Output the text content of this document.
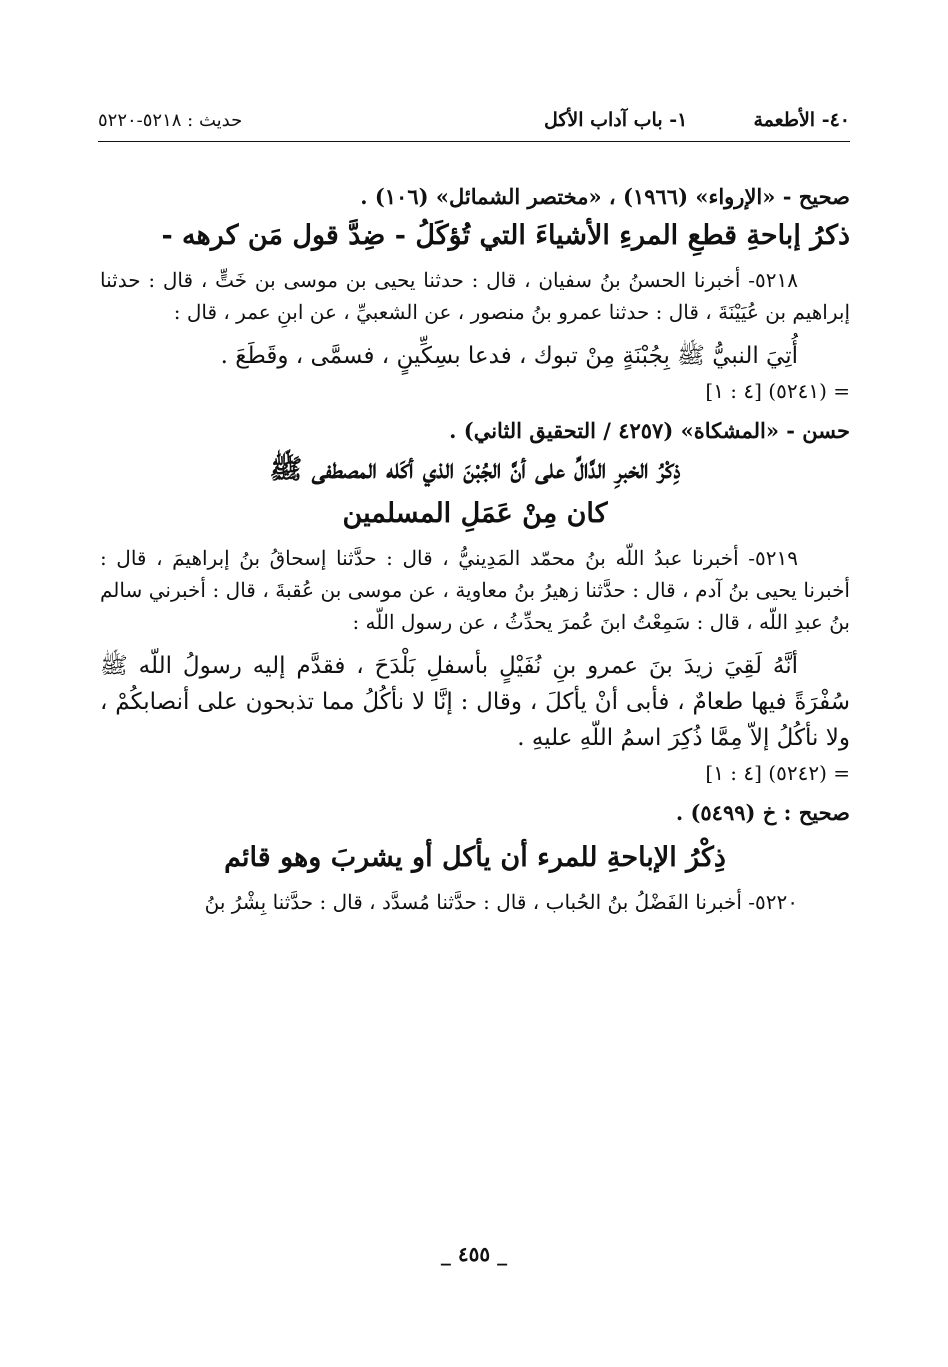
٤٠- الأطعمة          ١- باب آداب الأكل
حديث : ٥٢١٨-٥٢٢٠

صحيح - «الإرواء» (١٩٦٦) ، «مختصر الشمائل» (١٠٦) .

ذكرُ إباحةِ قطعِ المرءِ الأشياءَ التي تُؤكَلُ - ضِدَّ قول مَن كرهه -

٥٢١٨- أخبرنا الحسنُ بنُ سفيان ، قال : حدثنا يحيى بن موسى بن خَتٍّ ، قال : حدثنا إبراهيم بن عُيَيْنَةَ ، قال : حدثنا عمرو بنُ منصور ، عن الشعبيِّ ، عن ابنِ عمر ، قال :

أُتِيَ النبيُّ ﷺ بِجُبْنَةٍ مِنْ تبوك ، فدعا بسِكِّينٍ ، فسمَّى ، وقَطَعَ .

= (٥٢٤١) [٤ : ١]

حسن - «المشكاة» (٤٢٥٧ / التحقيق الثاني) .

ذِكْرُ الخبرِ الدَّالِّ على أنَّ الجُبْنَ الذي أكَله المصطفى ﷺ

كان مِنْ عَمَلِ المسلمين

٥٢١٩- أخبرنا عبدُ اللّه بنُ محمّد المَدِينيُّ ، قال : حدَّثنا إسحاقُ بنُ إبراهيمَ ، قال : أخبرنا يحيى بنُ آدم ، قال : حدَّثنا زهيرُ بنُ معاوية ، عن موسى بن عُقبةَ ، قال : أخبرني سالم بنُ عبدِ اللّه ، قال : سَمِعْتُ ابنَ عُمرَ يحدِّثُ ، عن رسول اللّه :

أنَّهُ لَقِيَ زيدَ بنَ عمرو بنِ نُفَيْلٍ بأسفلِ بَلْدَحَ ، فقدَّم إليه رسولُ اللّه ﷺ سُفْرَةً فيها طعامٌ ، فأبى أنْ يأكلَ ، وقال : إنَّا لا نأكُلُ مما تذبحون على أنصابكُمْ ، ولا نأكُلُ إلاّ مِمَّا ذُكِرَ اسمُ اللّهِ عليهِ .

= (٥٢٤٢) [٤ : ١]

صحيح : خ (٥٤٩٩) .

ذِكْرُ الإباحةِ للمرء أن يأكل أو يشربَ وهو قائم

٥٢٢٠- أخبرنا الفَضْلُ بنُ الحُباب ، قال : حدَّثنا مُسدَّد ، قال : حدَّثنا بِشْرُ بنُ

_ ٤٥٥ _
